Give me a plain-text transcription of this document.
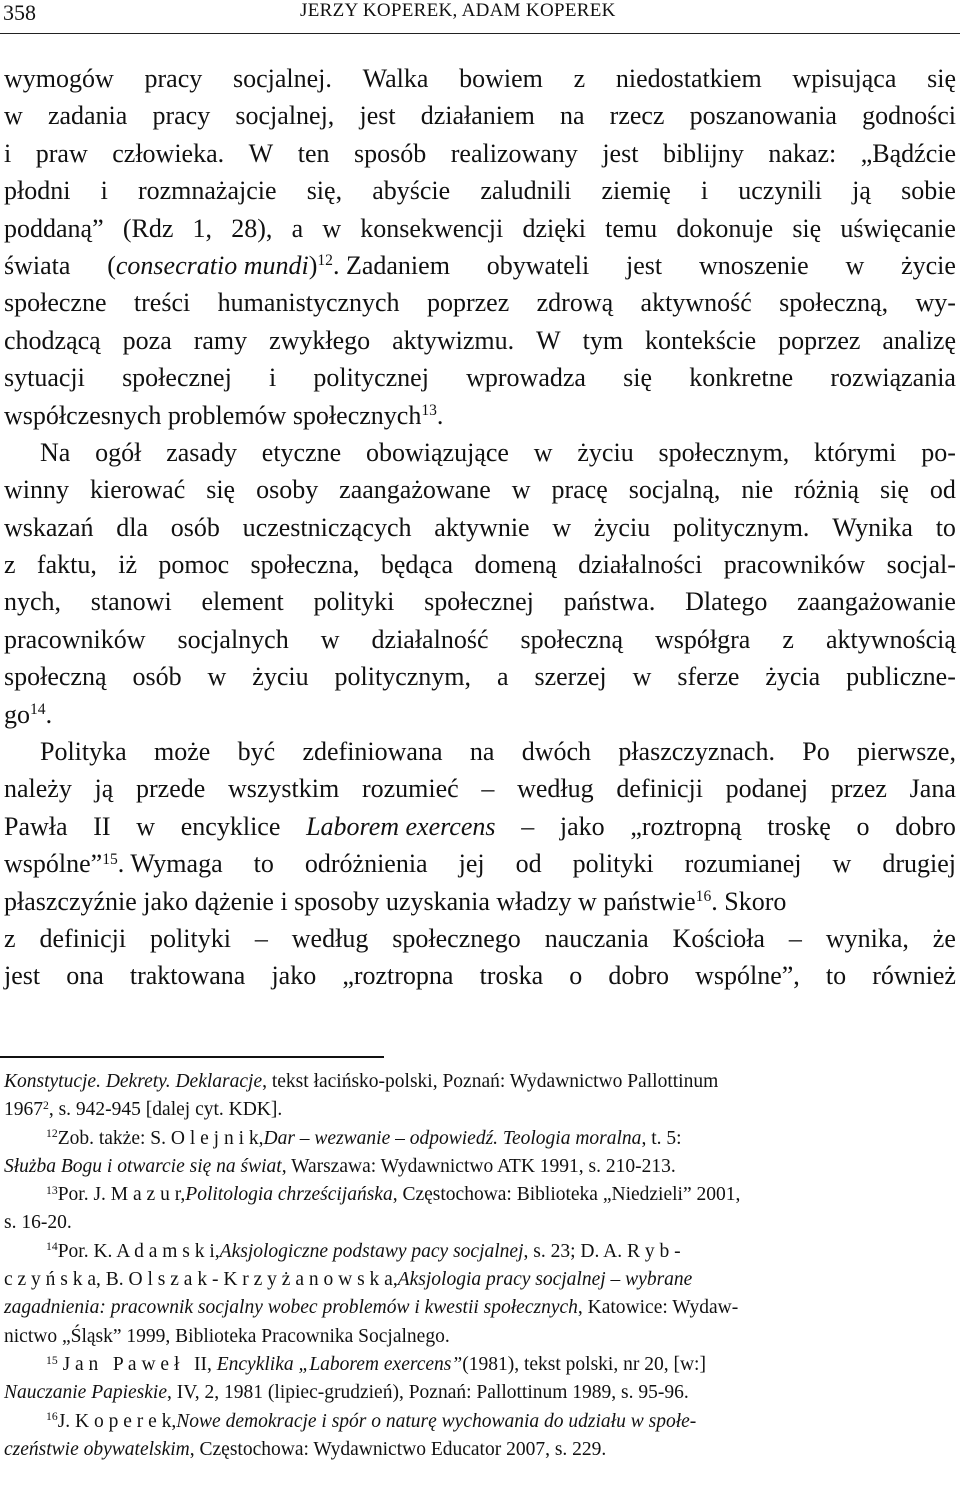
358	JERZY KOPEREK, ADAM KOPEREK
wymogów pracy socjalnej. Walka bowiem z niedostatkiem wpisująca się
w zadania pracy socjalnej, jest działaniem na rzecz poszanowania godności
i praw człowieka. W ten sposób realizowany jest biblijny nakaz: „Bądźcie
płodni i rozmnażajcie się, abyście zaludnili ziemię i uczynili ją sobie
poddaną” (Rdz 1, 28), a w konsekwencji dzięki temu dokonuje się uświęcanie
świata (consecratio mundi)$^{12}$. Zadaniem obywateli jest wnoszenie w życie
społeczne treści humanistycznych poprzez zdrową aktywność społeczną, wy-
chodzącą poza ramy zwykłego aktywizmu. W tym kontekście poprzez analizę
sytuacji społecznej i politycznej wprowadza się konkretne rozwiązania
współczesnych problemów społecznych$^{13}$.
Na ogół zasady etyczne obowiązujące w życiu społecznym, którymi po-
winny kierować się osoby zaangażowane w pracę socjalną, nie różnią się od
wskazań dla osób uczestniczących aktywnie w życiu politycznym. Wynika to
z faktu, iż pomoc społeczna, będąca domeną działalności pracowników socjal-
nych, stanowi element polityki społecznej państwa. Dlatego zaangażowanie
pracowników socjalnych w działalność społeczną współgra z aktywnością
społeczną osób w życiu politycznym, a szerzej w sferze życia publiczne-
$go^{14}$.
Polityka może być zdefiniowana na dwóch płaszczyznach. Po pierwsze,
należy ją przede wszystkim rozumieć – według definicji podanej przez Jana
Pawła II w encyklice Laborem exercens – jako „roztropną troskę o dobro
wspólne”$^{15}$. Wymaga to odróżnienia jej od polityki rozumianej w drugiej
płaszczyźnie jako dążenie i sposoby uzyskania władzy w państwie$^{16}$. Skoro
z definicji polityki – według społecznego nauczania Kościoła – wynika, że
jest ona traktowana jako „roztropna troska o dobro wspólne”, to również
Konstytucje. Dekrety. Deklaracje, tekst łacińsko-polski, Poznań: Wydawnictwo Pallottinum
1967$^2$, s. 942-945 [dalej cyt. KDK].
$^{12}$Zob. także: S. O l e j n i k,Dar – wezwanie – odpowiedź. Teologia moralna, t. 5:
Służba Bogu i otwarcie się na świat, Warszawa: Wydawnictwo ATK 1991, s. 210-213.
$^{13}$Por. J. M a z u r,Politologia chrześcijańska, Częstochowa: Biblioteka „Niedzieli” 2001,
s. 16-20.
$^{14}$Por. K. A d a m s k i,Aksjologiczne podstawy pacy socjalnej, s. 23; D. A. R y b -
c z y ń s k a, B. O l s z a k - K r z y ż a n o w s k a,Aksjologia pracy socjalnej – wybrane
zagadnienia: pracownik socjalny wobec problemów i kwestii społecznych, Katowice: Wydaw-
nictwo „Śląsk” 1999, Biblioteka Pracownika Socjalnego.
$^{15}$ J a n   P a w e ł   II, Encyklika „Laborem exercens”(1981), tekst polski, nr 20, [w:]
Nauczanie Papieskie, IV, 2, 1981 (lipiec-grudzień), Poznań: Pallottinum 1989, s. 95-96.
$^{16}$J. K o p e r e k,Nowe demokracje i spór o naturę wychowania do udziału w społe-
czeństwie obywatelskim, Częstochowa: Wydawnictwo Educator 2007, s. 229.
